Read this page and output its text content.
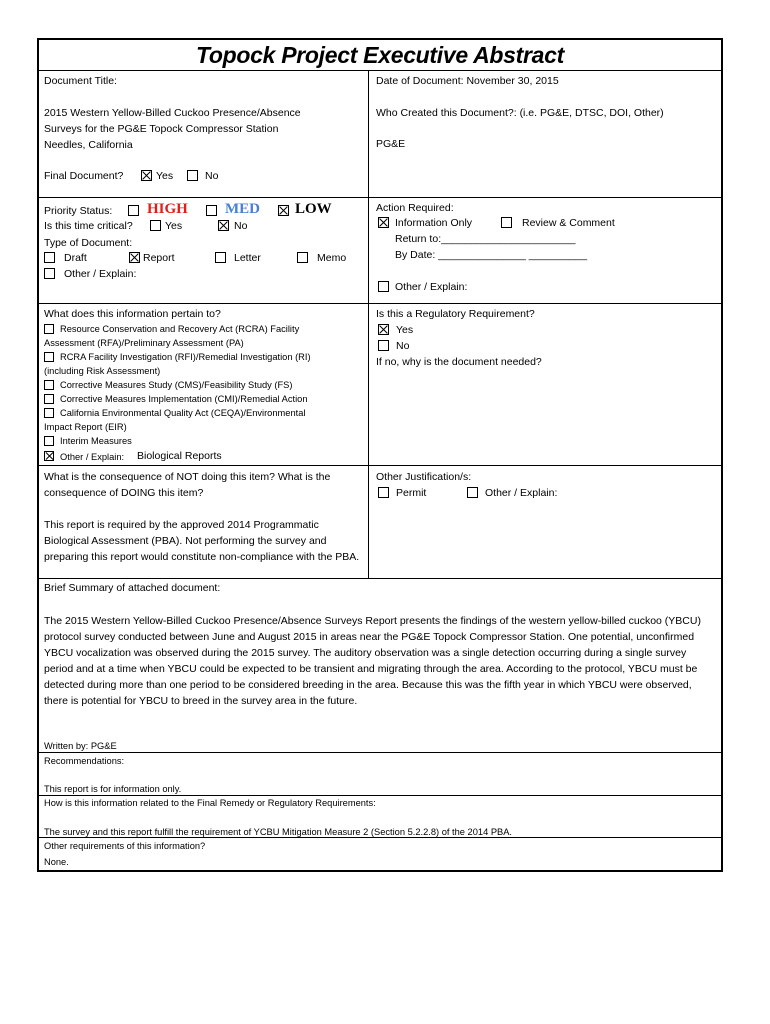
Topock Project Executive Abstract
Document Title:
2015 Western Yellow-Billed Cuckoo Presence/Absence
Surveys for the PG&E Topock Compressor Station
Needles, California
Final Document?	Yes	No
Date of Document: November 30, 2015
Who Created this Document?: (i.e. PG&E, DTSC, DOI, Other)
PG&E
Priority Status: HIGH MED LOW
Is this time critical?	Yes	No
Type of Document:
Draft	Report	Letter	Memo
Other / Explain:
Action Required:
Information Only	Review & Comment
Return to:_______________________
By Date: _______________ __________
Other / Explain:
What does this information pertain to?
Resource Conservation and Recovery Act (RCRA) Facility
Assessment (RFA)/Preliminary Assessment (PA)
RCRA Facility Investigation (RFI)/Remedial Investigation (RI)
(including Risk Assessment)
Corrective Measures Study (CMS)/Feasibility Study (FS)
Corrective Measures Implementation (CMI)/Remedial Action
California Environmental Quality Act (CEQA)/Environmental
Impact Report (EIR)
Interim Measures
Other / Explain: Biological Reports
Is this a Regulatory Requirement?
Yes
No
If no, why is the document needed?
What is the consequence of NOT doing this item? What is the
consequence of DOING this item?
This report is required by the approved 2014 Programmatic Biological Assessment (PBA). Not performing the survey and preparing this report would constitute non-compliance with the PBA.
Other Justification/s:
Permit	Other / Explain:
Brief Summary of attached document:
The 2015 Western Yellow-Billed Cuckoo Presence/Absence Surveys Report presents the findings of the western yellow-billed cuckoo (YBCU) protocol survey conducted between June and August 2015 in areas near the PG&E Topock Compressor Station. One potential, unconfirmed YBCU vocalization was observed during the 2015 survey. The auditory observation was a single detection occurring during a single survey period and at a time when YBCU could be expected to be transient and migrating through the area. According to the protocol, YBCU must be detected during more than one period to be considered breeding in the area. Because this was the fifth year in which YBCU were observed, there is potential for YBCU to breed in the survey area in the future.
Written by: PG&E
Recommendations:
This report is for information only.
How is this information related to the Final Remedy or Regulatory Requirements:
The survey and this report fulfill the requirement of YCBU Mitigation Measure 2 (Section 5.2.2.8) of the 2014 PBA.
Other requirements of this information?
None.
